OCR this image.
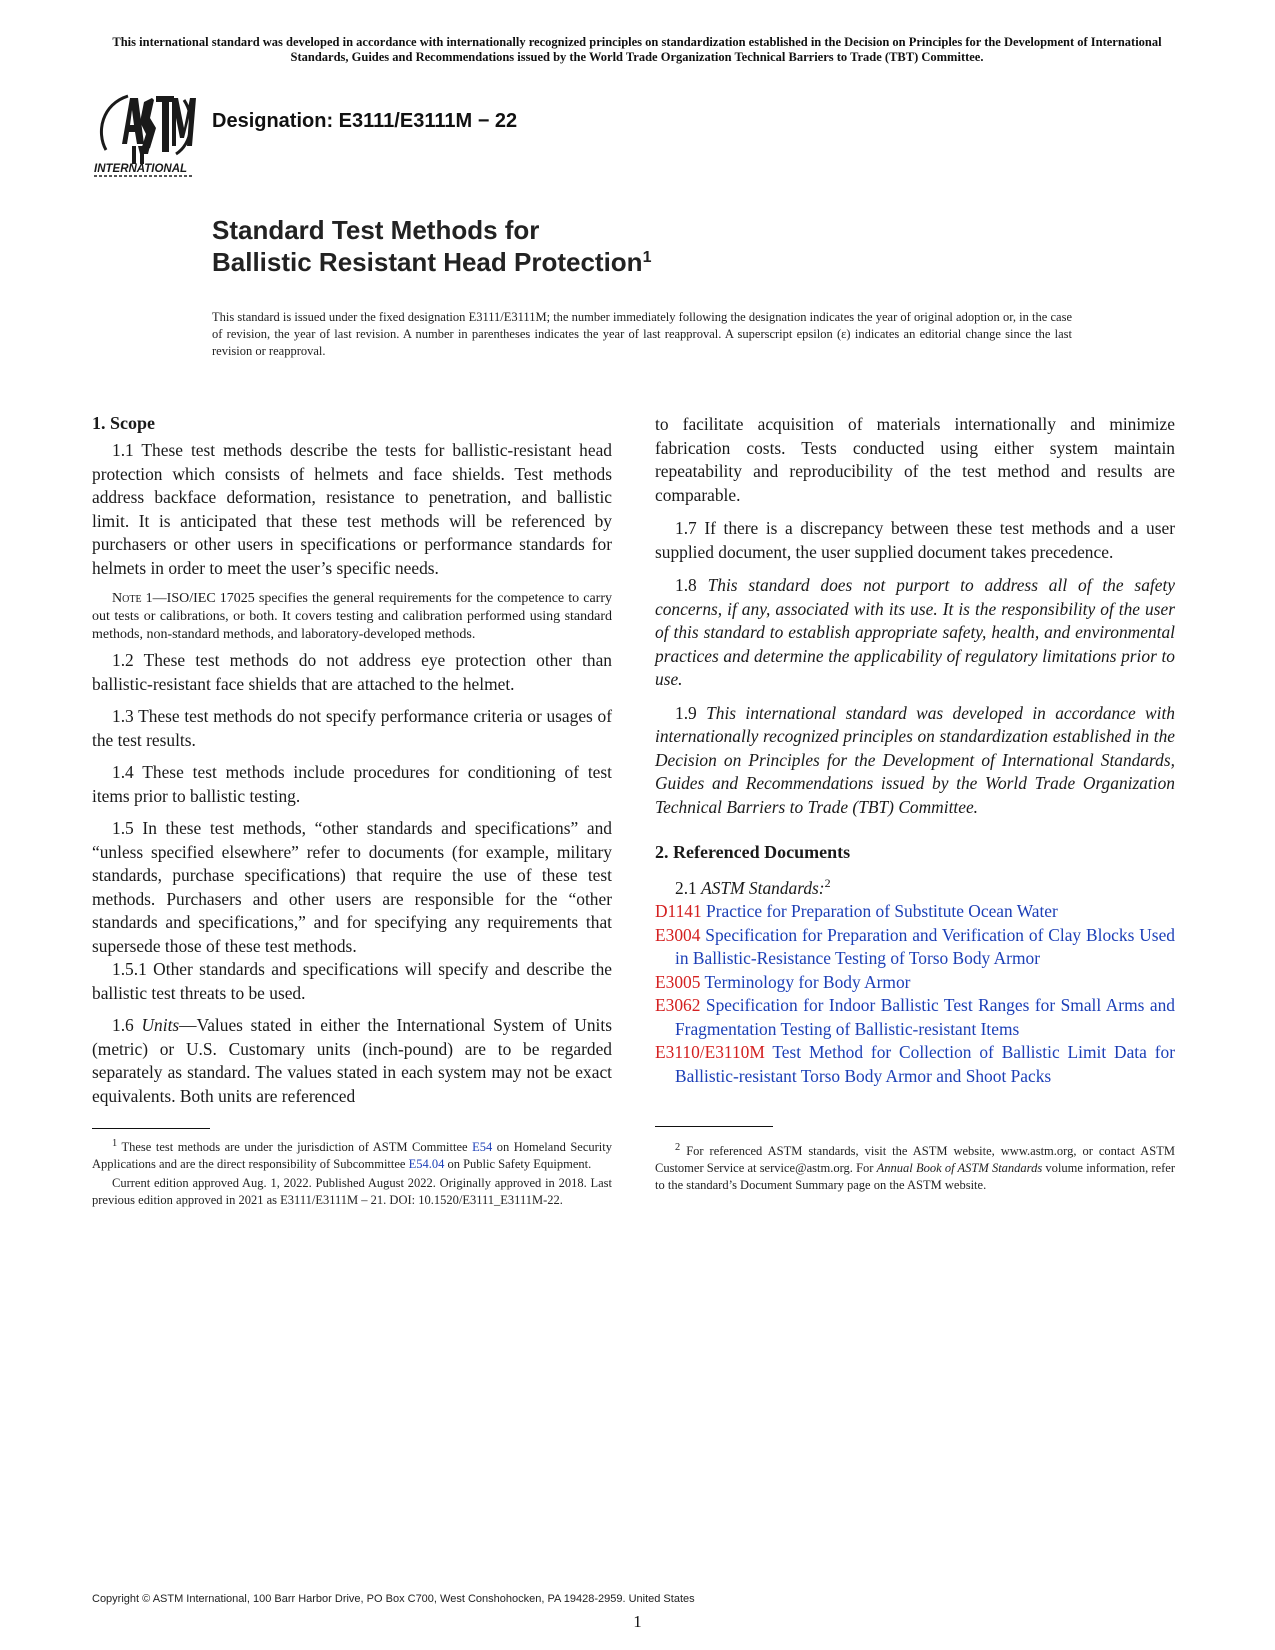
This international standard was developed in accordance with internationally recognized principles on standardization established in the Decision on Principles for the Development of International Standards, Guides and Recommendations issued by the World Trade Organization Technical Barriers to Trade (TBT) Committee.
INTERNATIONAL
Designation: E3111/E3111M − 22
Standard Test Methods for
Ballistic Resistant Head Protection$^1$
This standard is issued under the fixed designation E3111/E3111M; the number immediately following the designation indicates the year of original adoption or, in the case of revision, the year of last revision. A number in parentheses indicates the year of last reapproval. A superscript epsilon (ε) indicates an editorial change since the last revision or reapproval.

1. Scope

1.1 These test methods describe the tests for ballistic-resistant head protection which consists of helmets and face shields. Test methods address backface deformation, resistance to penetration, and ballistic limit. It is anticipated that these test methods will be referenced by purchasers or other users in specifications or performance standards for helmets in order to meet the user’s specific needs.

Note 1—ISO/IEC 17025 specifies the general requirements for the competence to carry out tests or calibrations, or both. It covers testing and calibration performed using standard methods, non-standard methods, and laboratory-developed methods.

1.2 These test methods do not address eye protection other than ballistic-resistant face shields that are attached to the helmet.

1.3 These test methods do not specify performance criteria or usages of the test results.

1.4 These test methods include procedures for conditioning of test items prior to ballistic testing.

1.5 In these test methods, “other standards and specifications” and “unless specified elsewhere” refer to documents (for example, military standards, purchase specifications) that require the use of these test methods. Purchasers and other users are responsible for the “other standards and specifications,” and for specifying any requirements that supersede those of these test methods.

1.5.1 Other standards and specifications will specify and describe the ballistic test threats to be used.

1.6 Units—Values stated in either the International System of Units (metric) or U.S. Customary units (inch-pound) are to be regarded separately as standard. The values stated in each system may not be exact equivalents. Both units are referenced

$^1$ These test methods are under the jurisdiction of ASTM Committee E54 on Homeland Security Applications and are the direct responsibility of Subcommittee E54.04 on Public Safety Equipment.

Current edition approved Aug. 1, 2022. Published August 2022. Originally approved in 2018. Last previous edition approved in 2021 as E3111/E3111M – 21. DOI: 10.1520/E3111_E3111M-22.

to facilitate acquisition of materials internationally and minimize fabrication costs. Tests conducted using either system maintain repeatability and reproducibility of the test method and results are comparable.

1.7 If there is a discrepancy between these test methods and a user supplied document, the user supplied document takes precedence.

1.8 This standard does not purport to address all of the safety concerns, if any, associated with its use. It is the responsibility of the user of this standard to establish appropriate safety, health, and environmental practices and determine the applicability of regulatory limitations prior to use.

1.9 This international standard was developed in accordance with internationally recognized principles on standardization established in the Decision on Principles for the Development of International Standards, Guides and Recommendations issued by the World Trade Organization Technical Barriers to Trade (TBT) Committee.

2. Referenced Documents

2.1 ASTM Standards:$^2$

D1141 Practice for Preparation of Substitute Ocean Water

E3004 Specification for Preparation and Verification of Clay Blocks Used in Ballistic-Resistance Testing of Torso Body Armor

E3005 Terminology for Body Armor

E3062 Specification for Indoor Ballistic Test Ranges for Small Arms and Fragmentation Testing of Ballistic-resistant Items

E3110/E3110M Test Method for Collection of Ballistic Limit Data for Ballistic-resistant Torso Body Armor and Shoot Packs

$^2$ For referenced ASTM standards, visit the ASTM website, www.astm.org, or contact ASTM Customer Service at service@astm.org. For Annual Book of ASTM Standards volume information, refer to the standard’s Document Summary page on the ASTM website.

Copyright © ASTM International, 100 Barr Harbor Drive, PO Box C700, West Conshohocken, PA 19428-2959. United States
1
